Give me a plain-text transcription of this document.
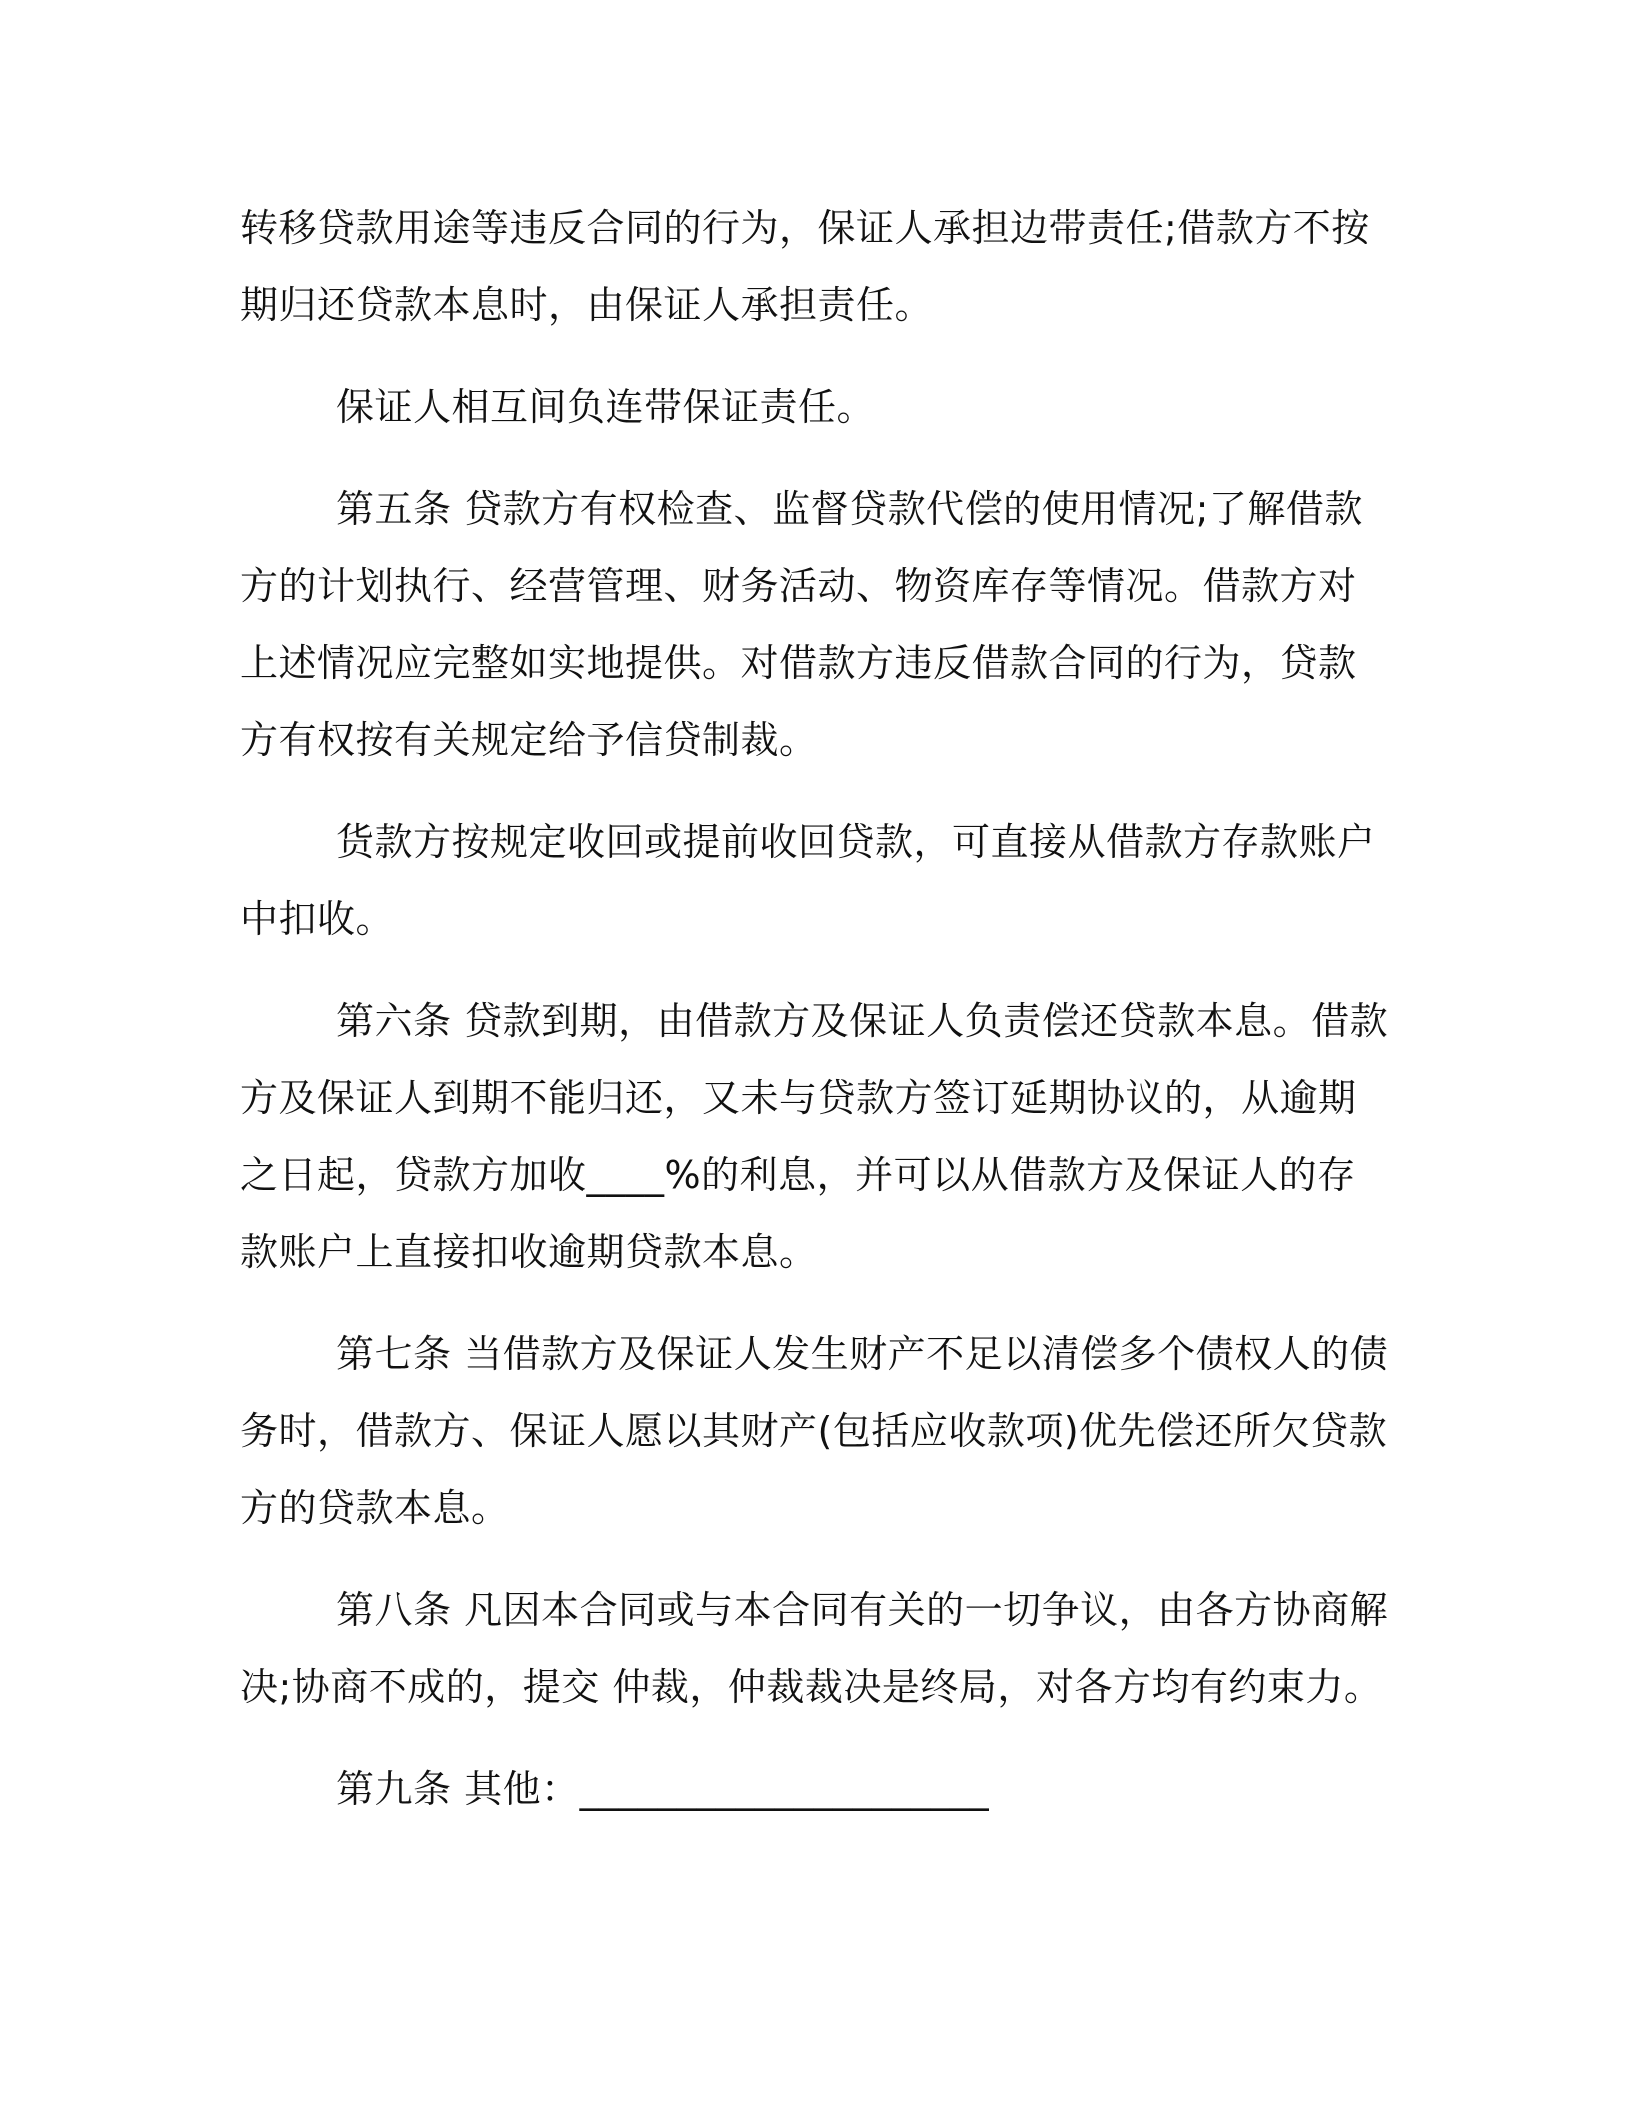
转移贷款用途等违反合同的行为，保证人承担边带责任;借款方不按期归还贷款本息时，由保证人承担责任。

保证人相互间负连带保证责任。

第五条 贷款方有权检查、监督贷款代偿的使用情况;了解借款方的计划执行、经营管理、财务活动、物资库存等情况。借款方对上述情况应完整如实地提供。对借款方违反借款合同的行为，贷款方有权按有关规定给予信贷制裁。

货款方按规定收回或提前收回贷款，可直接从借款方存款账户中扣收。

第六条 贷款到期，由借款方及保证人负责偿还贷款本息。借款方及保证人到期不能归还，又未与贷款方签订延期协议的，从逾期之日起，贷款方加收____%的利息，并可以从借款方及保证人的存款账户上直接扣收逾期贷款本息。

第七条 当借款方及保证人发生财产不足以清偿多个债权人的债务时，借款方、保证人愿以其财产(包括应收款项)优先偿还所欠贷款方的贷款本息。

第八条 凡因本合同或与本合同有关的一切争议，由各方协商解决;协商不成的，提交 仲裁，仲裁裁决是终局，对各方均有约束力。

第九条 其他：_____________________
